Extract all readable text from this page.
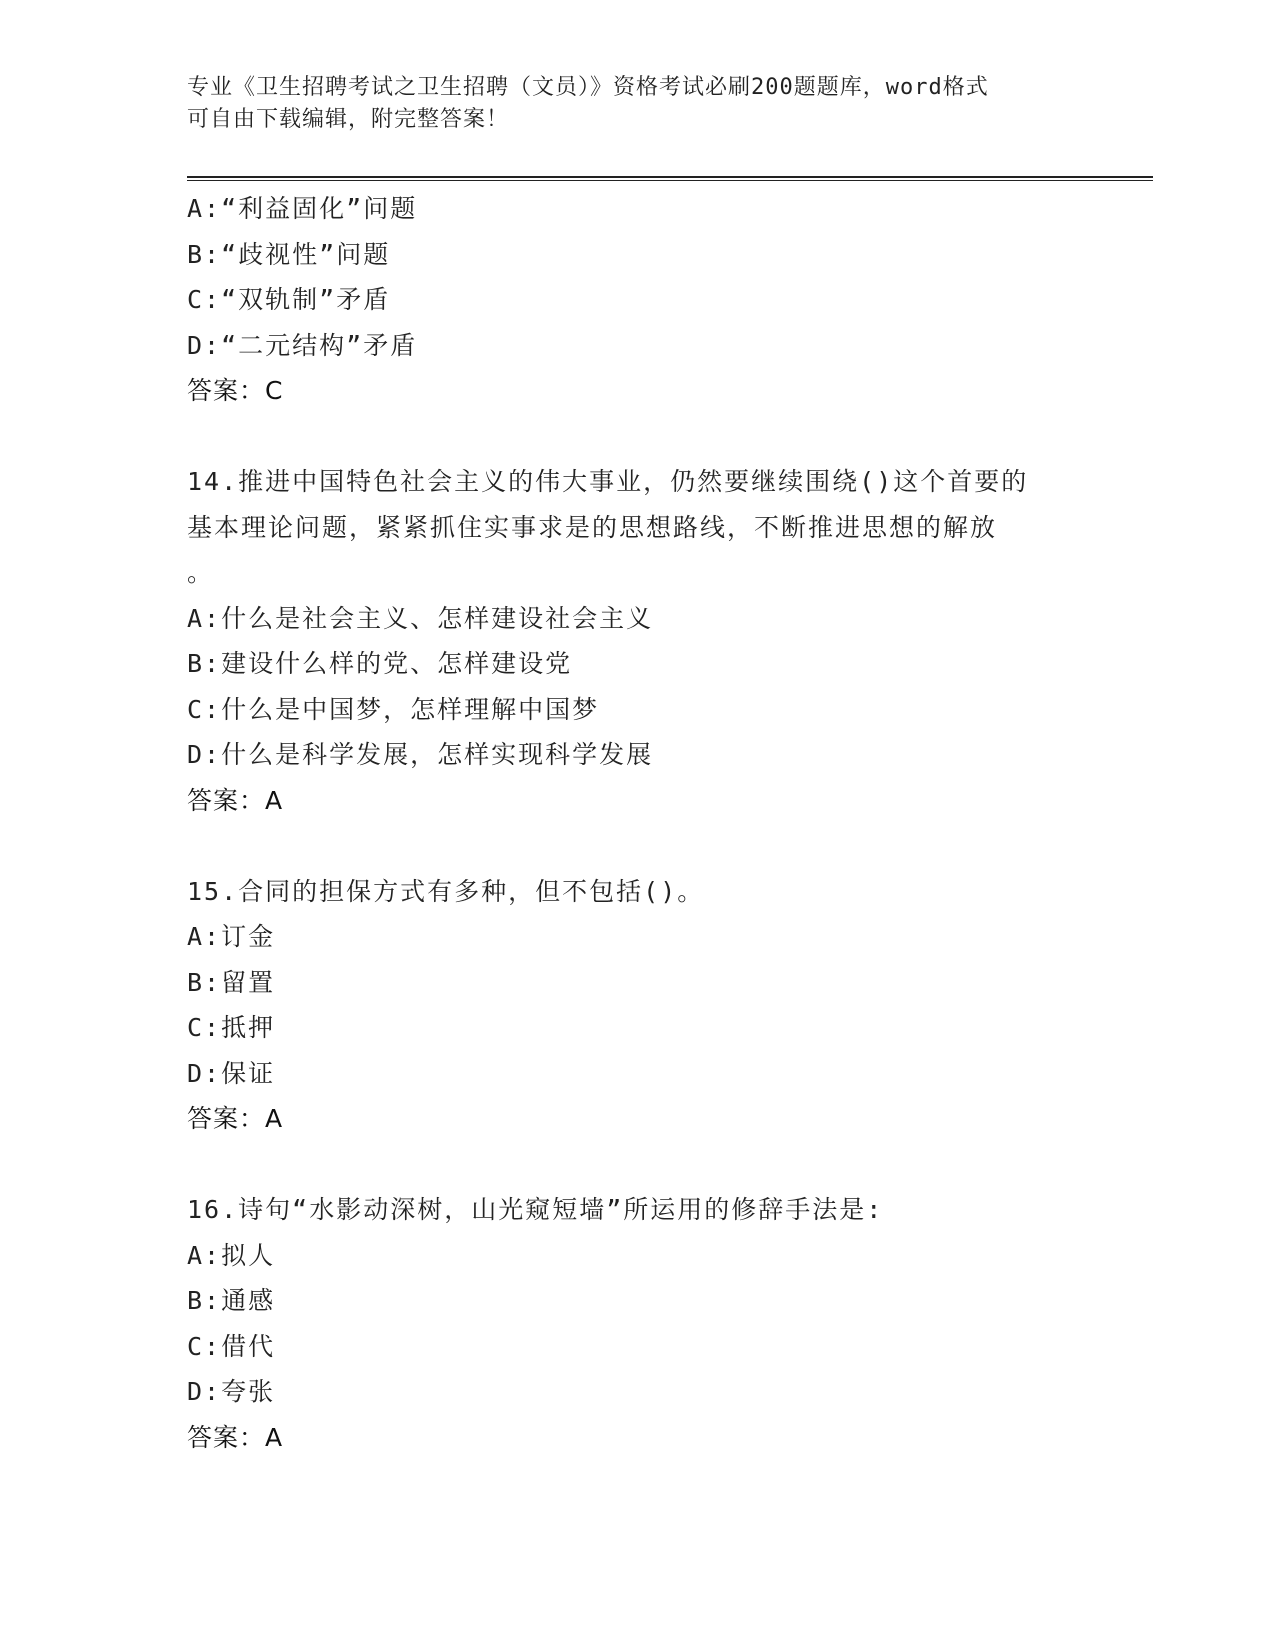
专业《卫生招聘考试之卫生招聘（文员）》资格考试必刷200题题库，word格式
可自由下载编辑，附完整答案！
A:“利益固化”问题
B:“歧视性”问题
C:“双轨制”矛盾
D:“二元结构”矛盾
答案：C
14.推进中国特色社会主义的伟大事业，仍然要继续围绕()这个首要的
基本理论问题，紧紧抓住实事求是的思想路线，不断推进思想的解放
。
A:什么是社会主义、怎样建设社会主义
B:建设什么样的党、怎样建设党
C:什么是中国梦，怎样理解中国梦
D:什么是科学发展，怎样实现科学发展
答案：A
15.合同的担保方式有多种，但不包括()。
A:订金
B:留置
C:抵押
D:保证
答案：A
16.诗句“水影动深树，山光窥短墙”所运用的修辞手法是:
A:拟人
B:通感
C:借代
D:夸张
答案：A
